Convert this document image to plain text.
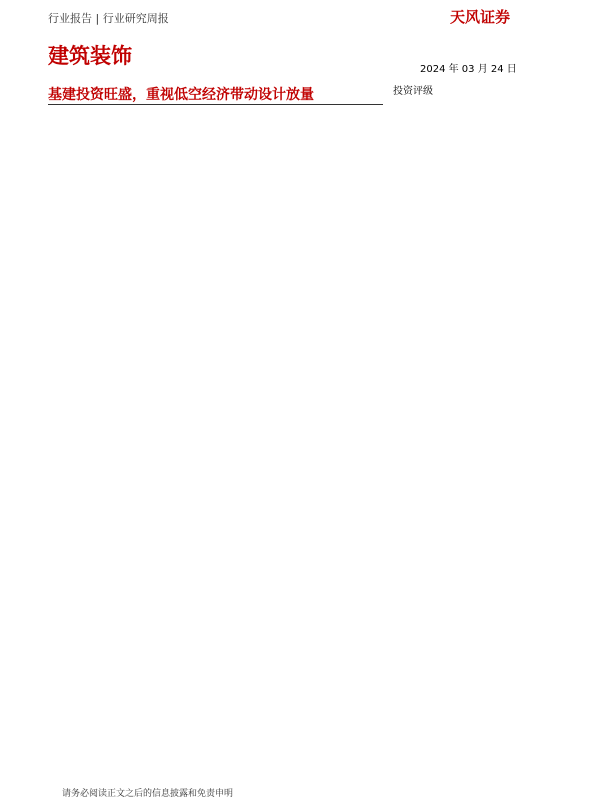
行业报告 | 行业研究周报	天风证券
建筑装饰
2024 年 03 月 24 日
基建投资旺盛，重视低空经济带动设计放量	投资评级
请务必阅读正文之后的信息披露和免责申明
